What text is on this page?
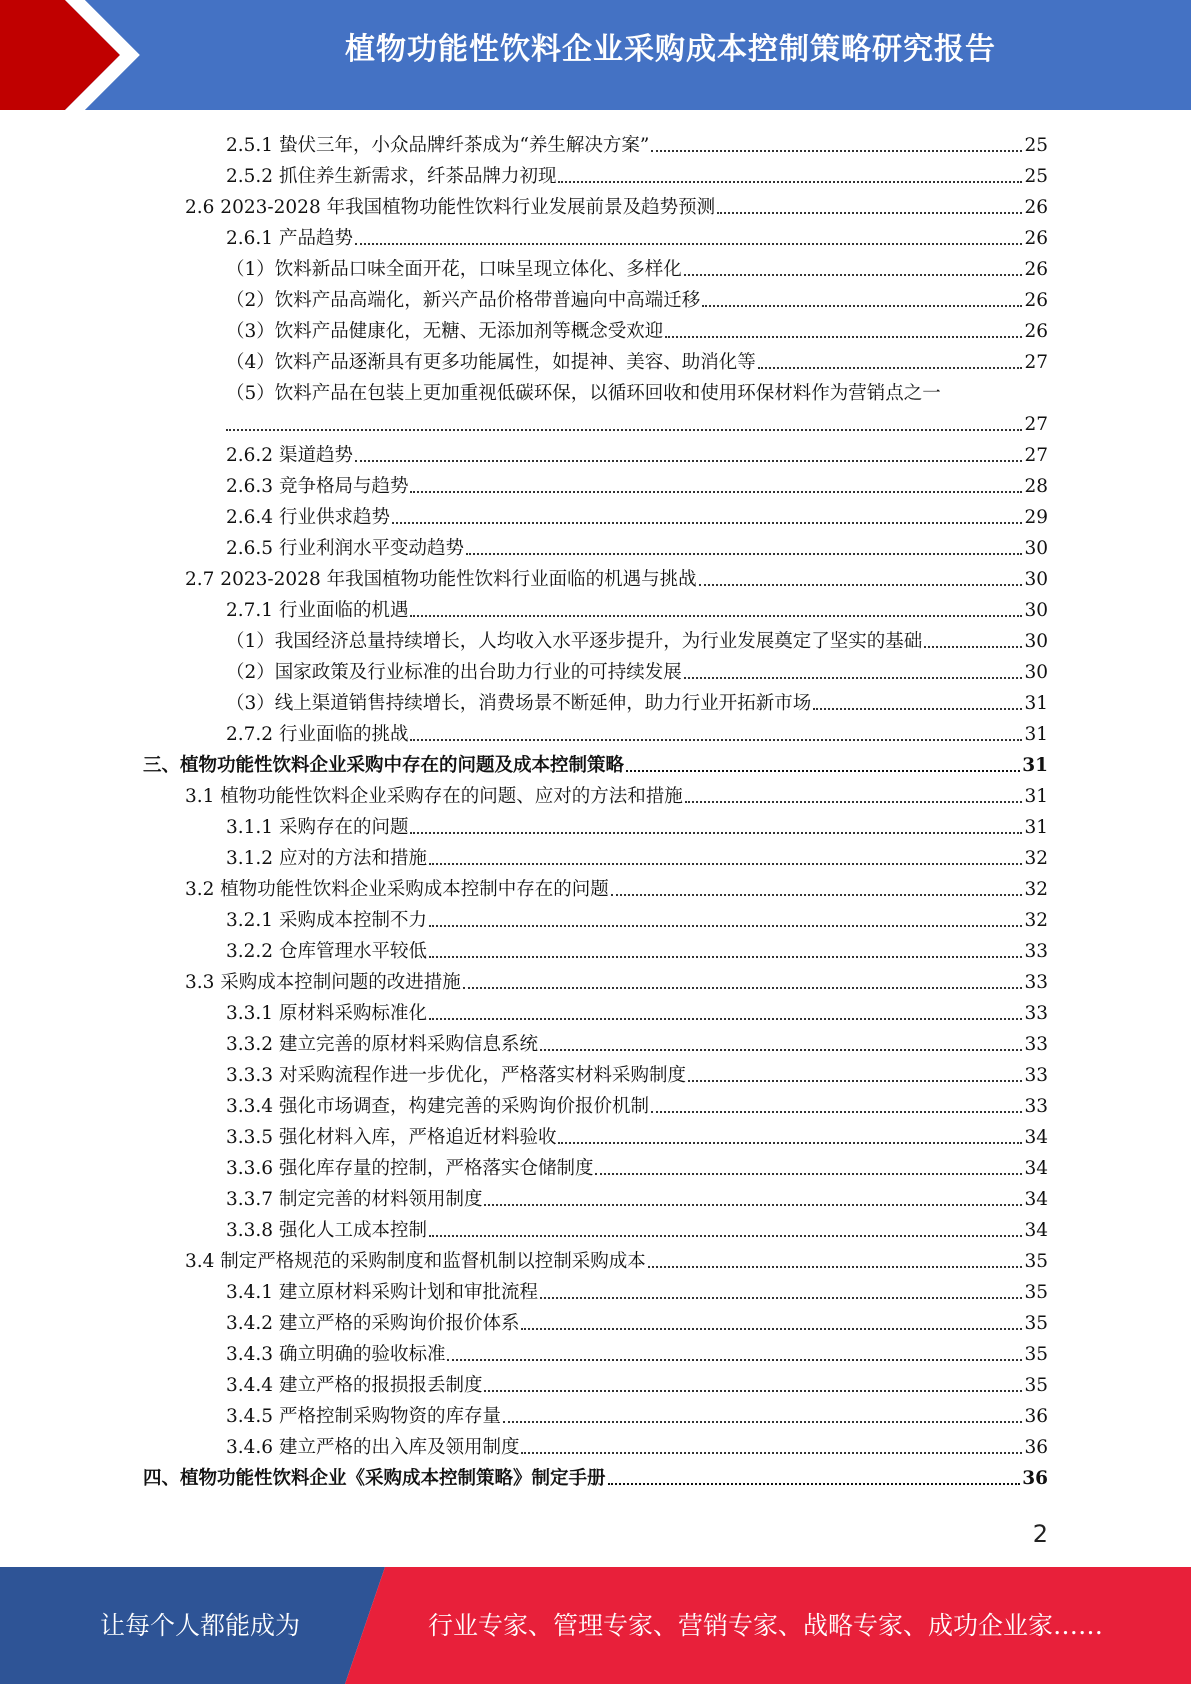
植物功能性饮料企业采购成本控制策略研究报告
2.5.1 蛰伏三年，小众品牌纤茶成为“养生解决方案”	25
2.5.2 抓住养生新需求，纤茶品牌力初现	25
2.6 2023-2028 年我国植物功能性饮料行业发展前景及趋势预测	26
2.6.1 产品趋势	26
（1）饮料新品口味全面开花，口味呈现立体化、多样化	26
（2）饮料产品高端化，新兴产品价格带普遍向中高端迁移	26
（3）饮料产品健康化，无糖、无添加剂等概念受欢迎	26
（4）饮料产品逐渐具有更多功能属性，如提神、美容、助消化等	27
（5）饮料产品在包装上更加重视低碳环保，以循环回收和使用环保材料作为营销点之一
27
2.6.2 渠道趋势	27
2.6.3 竞争格局与趋势	28
2.6.4 行业供求趋势	29
2.6.5 行业利润水平变动趋势	30
2.7 2023-2028 年我国植物功能性饮料行业面临的机遇与挑战	30
2.7.1 行业面临的机遇	30
（1）我国经济总量持续增长，人均收入水平逐步提升，为行业发展奠定了坚实的基础	30
（2）国家政策及行业标准的出台助力行业的可持续发展	30
（3）线上渠道销售持续增长，消费场景不断延伸，助力行业开拓新市场	31
2.7.2 行业面临的挑战	31
三、植物功能性饮料企业采购中存在的问题及成本控制策略	31
3.1 植物功能性饮料企业采购存在的问题、应对的方法和措施	31
3.1.1 采购存在的问题	31
3.1.2 应对的方法和措施	32
3.2 植物功能性饮料企业采购成本控制中存在的问题	32
3.2.1 采购成本控制不力	32
3.2.2 仓库管理水平较低	33
3.3 采购成本控制问题的改进措施	33
3.3.1 原材料采购标准化	33
3.3.2 建立完善的原材料采购信息系统	33
3.3.3 对采购流程作进一步优化，严格落实材料采购制度	33
3.3.4 强化市场调查，构建完善的采购询价报价机制	33
3.3.5 强化材料入库，严格追近材料验收	34
3.3.6 强化库存量的控制，严格落实仓储制度	34
3.3.7 制定完善的材料领用制度	34
3.3.8 强化人工成本控制	34
3.4 制定严格规范的采购制度和监督机制以控制采购成本	35
3.4.1 建立原材料采购计划和审批流程	35
3.4.2 建立严格的采购询价报价体系	35
3.4.3 确立明确的验收标准	35
3.4.4 建立严格的报损报丢制度	35
3.4.5 严格控制采购物资的库存量	36
3.4.6 建立严格的出入库及领用制度	36
四、植物功能性饮料企业《采购成本控制策略》制定手册	36
2
让每个人都能成为	行业专家、管理专家、营销专家、战略专家、成功企业家……
